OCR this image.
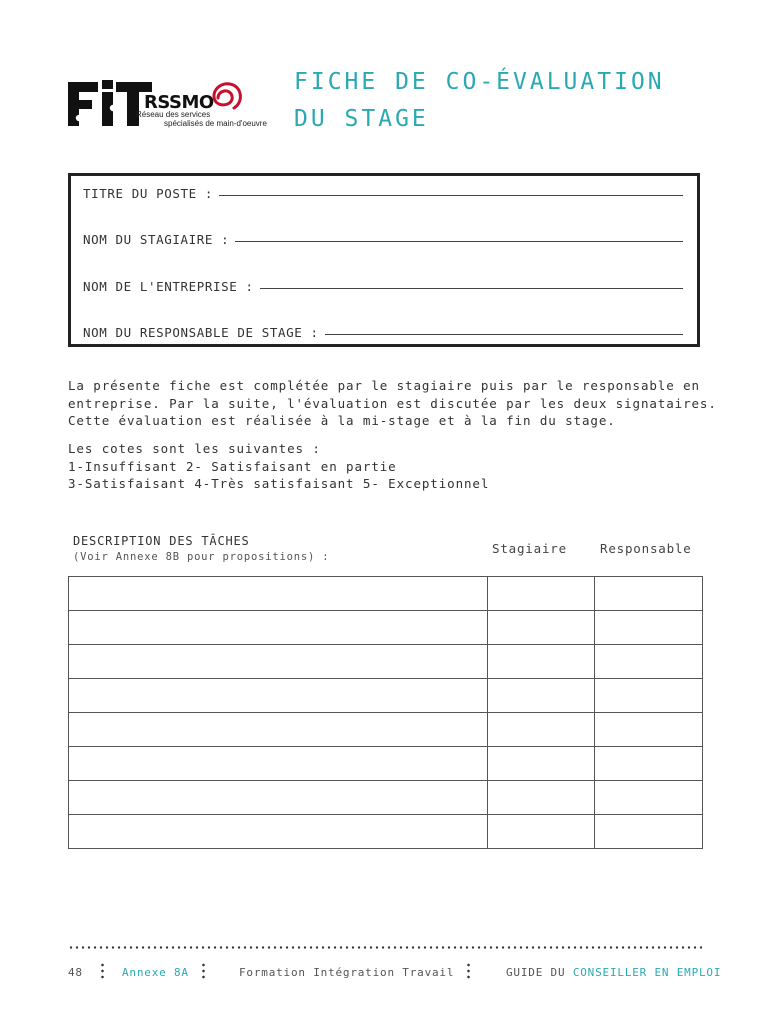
RSSMO
Réseau des services
spécialisés de main-d'oeuvre
FICHE DE CO-ÉVALUATION
DU STAGE
TITRE DU POSTE :
NOM DU STAGIAIRE :
NOM DE L'ENTREPRISE :
NOM DU RESPONSABLE DE STAGE :
La présente fiche est complétée par le stagiaire puis par le responsable en
entreprise. Par la suite, l'évaluation est discutée par les deux signataires.
Cette évaluation est réalisée à la mi-stage et à la fin du stage.
Les cotes sont les suivantes :
1-Insuffisant 2- Satisfaisant en partie
3-Satisfaisant 4-Très satisfaisant 5- Exceptionnel
DESCRIPTION DES TÂCHES
(Voir Annexe 8B pour propositions) :
Stagiaire	Responsable

48	Annexe 8A	Formation Intégration Travail	GUIDE DU CONSEILLER EN EMPLOI
